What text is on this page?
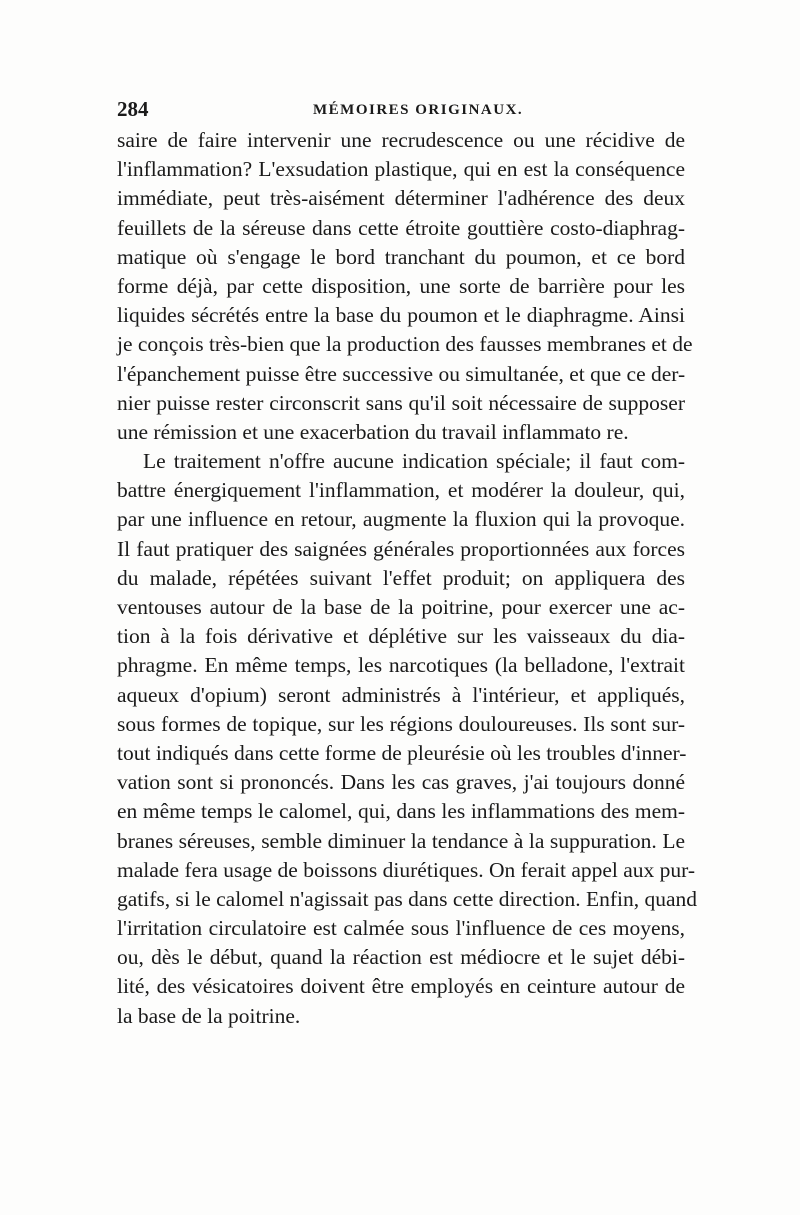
284	MÉMOIRES ORIGINAUX.
saire de faire intervenir une recrudescence ou une récidive de
l'inflammation? L'exsudation plastique, qui en est la conséquence
immédiate, peut très-aisément déterminer l'adhérence des deux
feuillets de la séreuse dans cette étroite gouttière costo-diaphrag-
matique où s'engage le bord tranchant du poumon, et ce bord
forme déjà, par cette disposition, une sorte de barrière pour les
liquides sécrétés entre la base du poumon et le diaphragme. Ainsi
je conçois très-bien que la production des fausses membranes et de
l'épanchement puisse être successive ou simultanée, et que ce der-
nier puisse rester circonscrit sans qu'il soit nécessaire de supposer
une rémission et une exacerbation du travail inflammato re.
Le traitement n'offre aucune indication spéciale; il faut com-
battre énergiquement l'inflammation, et modérer la douleur, qui,
par une influence en retour, augmente la fluxion qui la provoque.
Il faut pratiquer des saignées générales proportionnées aux forces
du malade, répétées suivant l'effet produit; on appliquera des
ventouses autour de la base de la poitrine, pour exercer une ac-
tion à la fois dérivative et déplétive sur les vaisseaux du dia-
phragme. En même temps, les narcotiques (la belladone, l'extrait
aqueux d'opium) seront administrés à l'intérieur, et appliqués,
sous formes de topique, sur les régions douloureuses. Ils sont sur-
tout indiqués dans cette forme de pleurésie où les troubles d'inner-
vation sont si prononcés. Dans les cas graves, j'ai toujours donné
en même temps le calomel, qui, dans les inflammations des mem-
branes séreuses, semble diminuer la tendance à la suppuration. Le
malade fera usage de boissons diurétiques. On ferait appel aux pur-
gatifs, si le calomel n'agissait pas dans cette direction. Enfin, quand
l'irritation circulatoire est calmée sous l'influence de ces moyens,
ou, dès le début, quand la réaction est médiocre et le sujet débi-
lité, des vésicatoires doivent être employés en ceinture autour de
la base de la poitrine.
